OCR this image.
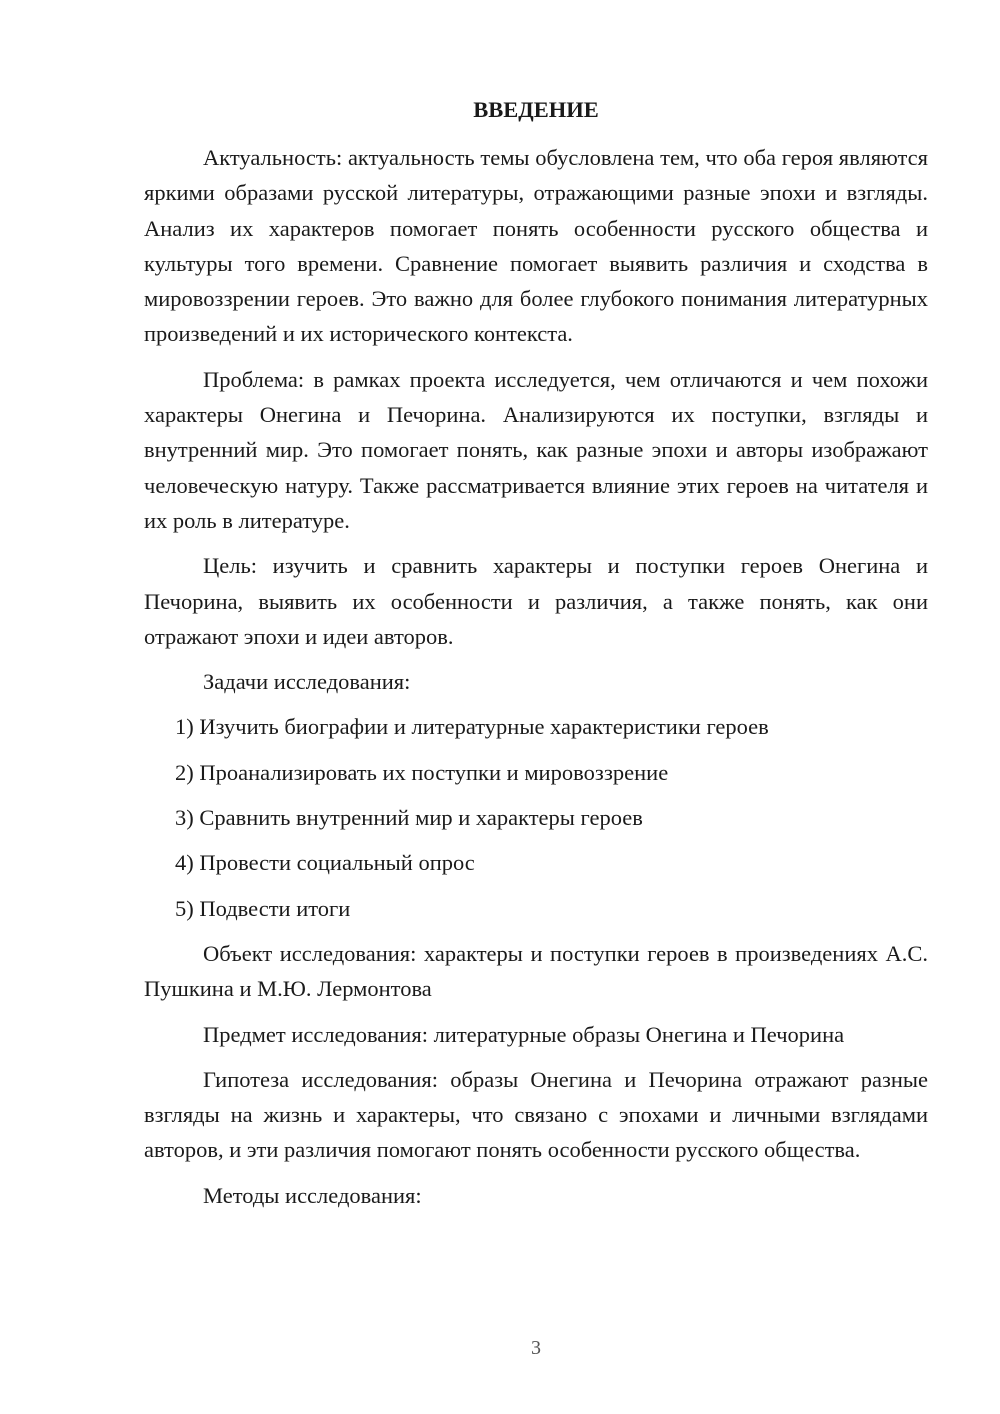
ВВЕДЕНИЕ

Актуальность: актуальность темы обусловлена тем, что оба героя являются яркими образами русской литературы, отражающими разные эпохи и взгляды. Анализ их характеров помогает понять особенности русского общества и культуры того времени. Сравнение помогает выявить различия и сходства в мировоззрении героев. Это важно для более глубокого понимания литературных произведений и их исторического контекста.

Проблема: в рамках проекта исследуется, чем отличаются и чем похожи характеры Онегина и Печорина. Анализируются их поступки, взгляды и внутренний мир. Это помогает понять, как разные эпохи и авторы изображают человеческую натуру. Также рассматривается влияние этих героев на читателя и их роль в литературе.

Цель: изучить и сравнить характеры и поступки героев Онегина и Печорина, выявить их особенности и различия, а также понять, как они отражают эпохи и идеи авторов.

Задачи исследования:

1) Изучить биографии и литературные характеристики героев
2) Проанализировать их поступки и мировоззрение
3) Сравнить внутренний мир и характеры героев
4) Провести социальный опрос
5) Подвести итоги

Объект исследования: характеры и поступки героев в произведениях А.С. Пушкина и М.Ю. Лермонтова

Предмет исследования: литературные образы Онегина и Печорина

Гипотеза исследования: образы Онегина и Печорина отражают разные взгляды на жизнь и характеры, что связано с эпохами и личными взглядами авторов, и эти различия помогают понять особенности русского общества.

Методы исследования:

3
